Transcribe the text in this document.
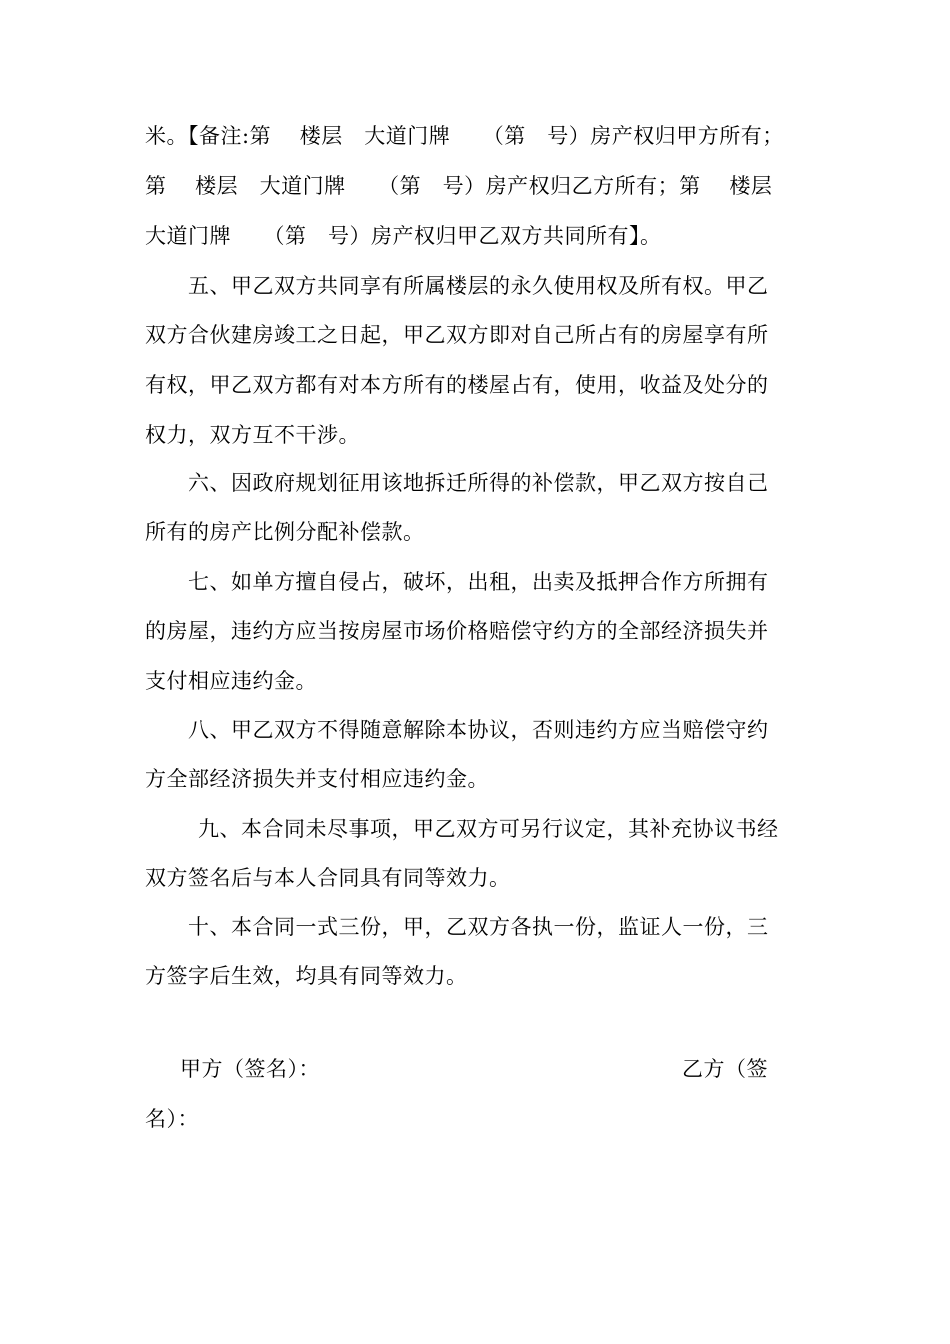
米。【备注:第　 楼层　大道门牌　　（第　号）房产权归甲方所有；
第　 楼层　大道门牌　　（第　号）房产权归乙方所有；第　 楼层
大道门牌　　（第　号）房产权归甲乙双方共同所有】。
五、甲乙双方共同享有所属楼层的永久使用权及所有权。甲乙
双方合伙建房竣工之日起，甲乙双方即对自己所占有的房屋享有所
有权，甲乙双方都有对本方所有的楼屋占有，使用，收益及处分的
权力，双方互不干涉。
六、因政府规划征用该地拆迁所得的补偿款，甲乙双方按自己
所有的房产比例分配补偿款。
七、如单方擅自侵占，破坏，出租，出卖及抵押合作方所拥有
的房屋，违约方应当按房屋市场价格赔偿守约方的全部经济损失并
支付相应违约金。
八、甲乙双方不得随意解除本协议，否则违约方应当赔偿守约
方全部经济损失并支付相应违约金。
九、本合同未尽事项，甲乙双方可另行议定，其补充协议书经
双方签名后与本人合同具有同等效力。
十、本合同一式三份，甲，乙双方各执一份，监证人一份，三
方签字后生效，均具有同等效力。
甲方（签名）：	乙方（签
名）：
